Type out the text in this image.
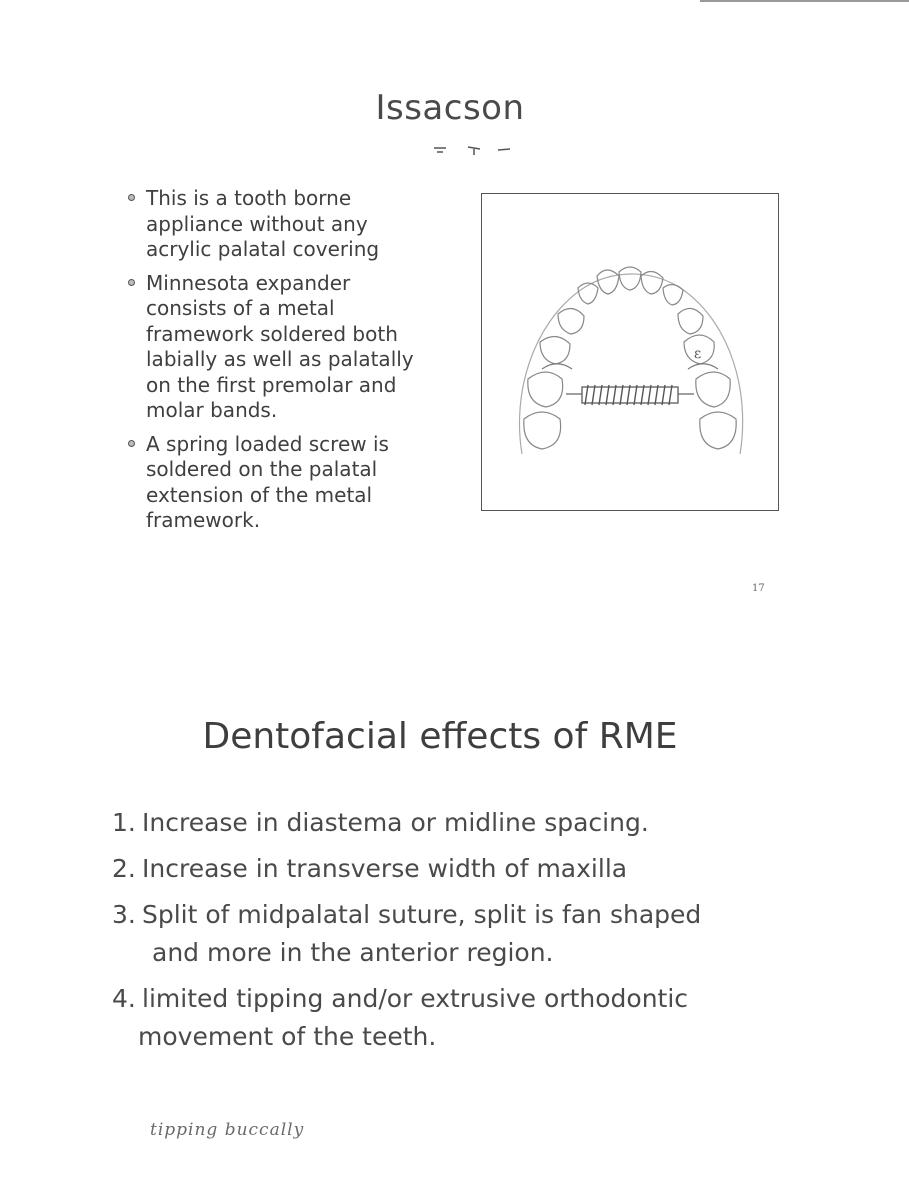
Issacson
This is a tooth borne
appliance without any
acrylic palatal covering
Minnesota expander
consists of a metal
framework soldered both
labially as well as palatally
on the first premolar and
molar bands.
A spring loaded screw is
soldered on the palatal
extension of the metal
framework.
ε
17
Dentofacial effects of RME
1. Increase in diastema or midline spacing.
2. Increase in transverse width of maxilla
3. Split of midpalatal suture, split is fan shaped
and more in the anterior region.
4. limited tipping and/or extrusive orthodontic
movement of the teeth.
tipping buccally
